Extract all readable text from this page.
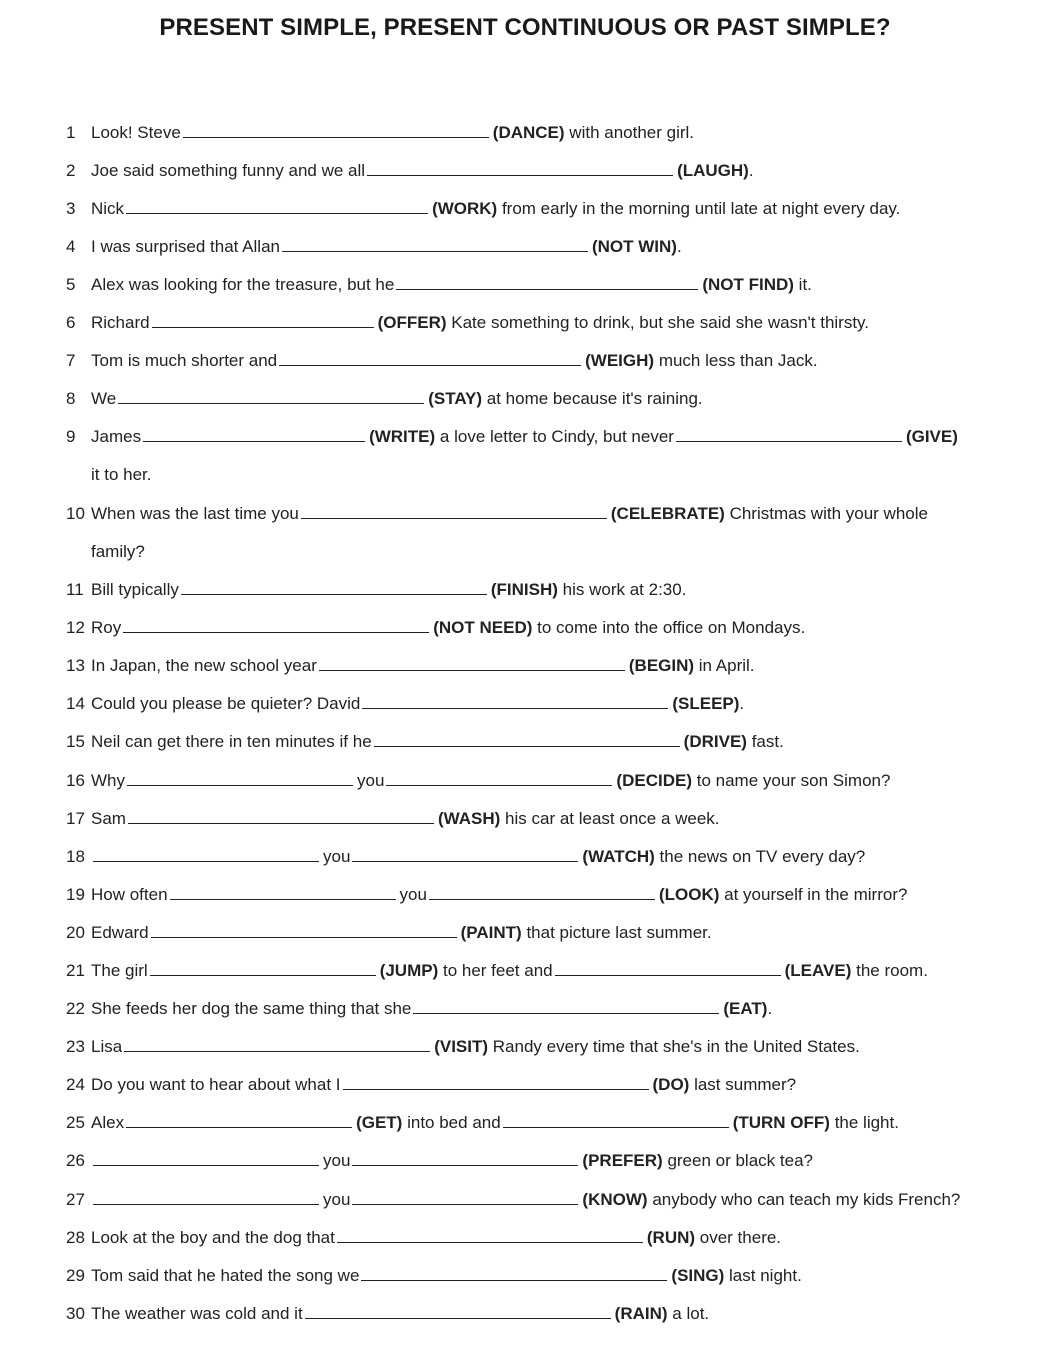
PRESENT SIMPLE, PRESENT CONTINUOUS OR PAST SIMPLE?
1 Look! Steve	(DANCE) with another girl.
2 Joe said something funny and we all	(LAUGH).
3 Nick	(WORK) from early in the morning until late at night every day.
4 I was surprised that Allan	(NOT WIN).
5 Alex was looking for the treasure, but he	(NOT FIND) it.
6 Richard	(OFFER) Kate something to drink, but she said she wasn't thirsty.
7 Tom is much shorter and	(WEIGH) much less than Jack.
8 We	(STAY) at home because it's raining.
9 James	(WRITE) a love letter to Cindy, but never	(GIVE)
it to her.
10 When was the last time you	(CELEBRATE) Christmas with your whole
family?
11 Bill typically	(FINISH) his work at 2:30.
12 Roy	(NOT NEED) to come into the office on Mondays.
13 In Japan, the new school year	(BEGIN) in April.
14 Could you please be quieter? David	(SLEEP).
15 Neil can get there in ten minutes if he	(DRIVE) fast.
16 Why	you	(DECIDE) to name your son Simon?
17 Sam	(WASH) his car at least once a week.
18	you	(WATCH) the news on TV every day?
19 How often	you	(LOOK) at yourself in the mirror?
20 Edward	(PAINT) that picture last summer.
21 The girl	(JUMP) to her feet and	(LEAVE) the room.
22 She feeds her dog the same thing that she	(EAT).
23 Lisa	(VISIT) Randy every time that she's in the United States.
24 Do you want to hear about what I	(DO) last summer?
25 Alex	(GET) into bed and	(TURN OFF) the light.
26	you	(PREFER) green or black tea?
27	you	(KNOW) anybody who can teach my kids French?
28 Look at the boy and the dog that	(RUN) over there.
29 Tom said that he hated the song we	(SING) last night.
30 The weather was cold and it	(RAIN) a lot.
